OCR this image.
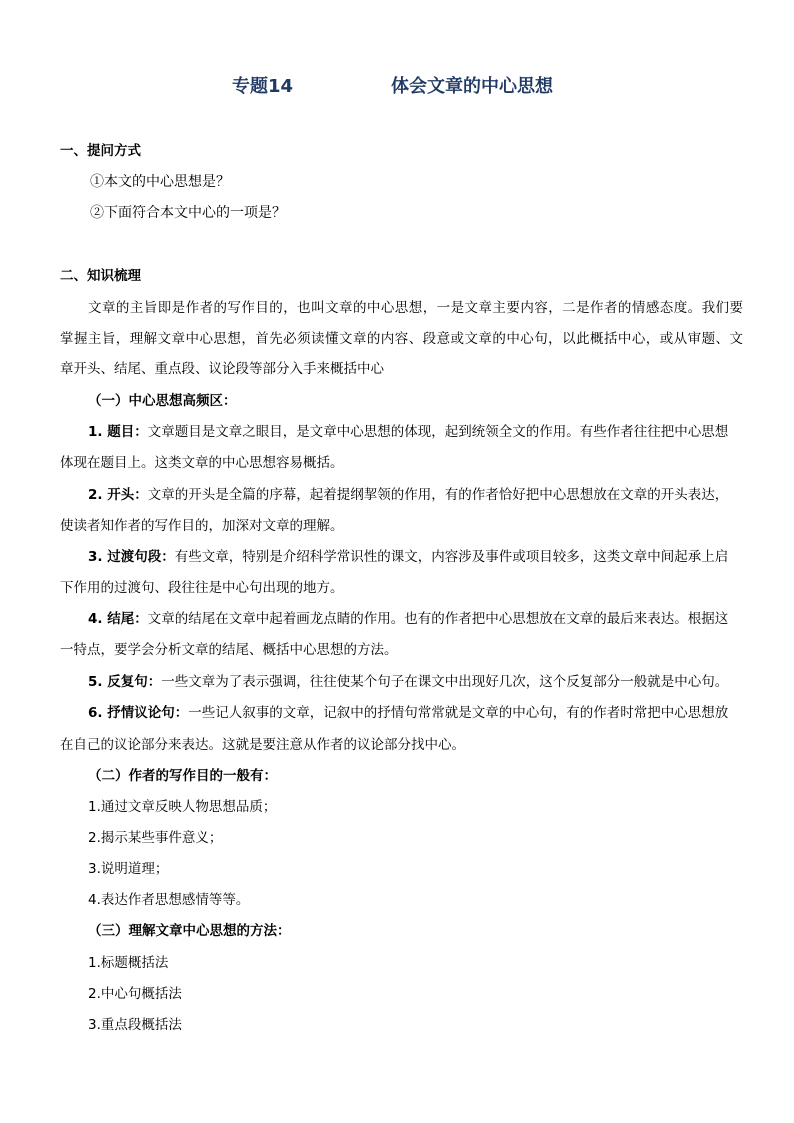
专题14	体会文章的中心思想
一、提问方式
①本文的中心思想是？
②下面符合本文中心的一项是？
二、知识梳理
文章的主旨即是作者的写作目的，也叫文章的中心思想，一是文章主要内容，二是作者的情感态度。我们要
掌握主旨，理解文章中心思想，首先必须读懂文章的内容、段意或文章的中心句，以此概括中心，或从审题、文
章开头、结尾、重点段、议论段等部分入手来概括中心
（一）中心思想高频区：
1. 题目：文章题目是文章之眼目，是文章中心思想的体现，起到统领全文的作用。有些作者往往把中心思想
体现在题目上。这类文章的中心思想容易概括。
2. 开头：文章的开头是全篇的序幕，起着提纲挈领的作用，有的作者恰好把中心思想放在文章的开头表达，
使读者知作者的写作目的，加深对文章的理解。
3. 过渡句段：有些文章，特别是介绍科学常识性的课文，内容涉及事件或项目较多，这类文章中间起承上启
下作用的过渡句、段往往是中心句出现的地方。
4. 结尾：文章的结尾在文章中起着画龙点睛的作用。也有的作者把中心思想放在文章的最后来表达。根据这
一特点，要学会分析文章的结尾、概括中心思想的方法。
5. 反复句：一些文章为了表示强调，往往使某个句子在课文中出现好几次，这个反复部分一般就是中心句。
6. 抒情议论句：一些记人叙事的文章，记叙中的抒情句常常就是文章的中心句，有的作者时常把中心思想放
在自己的议论部分来表达。这就是要注意从作者的议论部分找中心。
（二）作者的写作目的一般有：
1.通过文章反映人物思想品质；
2.揭示某些事件意义；
3.说明道理；
4.表达作者思想感情等等。
（三）理解文章中心思想的方法：
1.标题概括法
2.中心句概括法
3.重点段概括法
